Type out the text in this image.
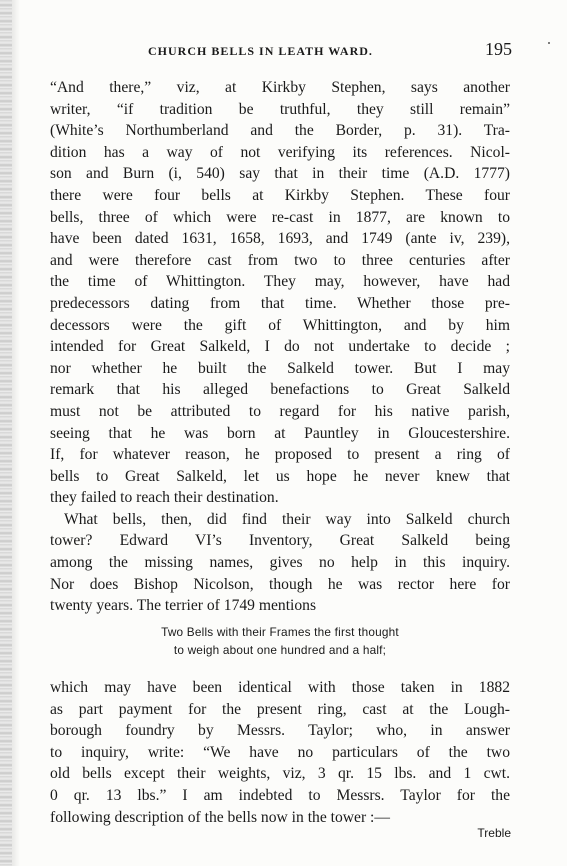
CHURCH BELLS IN LEATH WARD.	195
“And there,” viz, at Kirkby Stephen, says another
writer, “if tradition be truthful, they still remain”
(White’s Northumberland and the Border, p. 31). Tra-
dition has a way of not verifying its references. Nicol-
son and Burn (i, 540) say that in their time (A.D. 1777)
there were four bells at Kirkby Stephen. These four
bells, three of which were re-cast in 1877, are known to
have been dated 1631, 1658, 1693, and 1749 (ante iv, 239),
and were therefore cast from two to three centuries after
the time of Whittington. They may, however, have had
predecessors dating from that time. Whether those pre-
decessors were the gift of Whittington, and by him
intended for Great Salkeld, I do not undertake to decide ;
nor whether he built the Salkeld tower. But I may
remark that his alleged benefactions to Great Salkeld
must not be attributed to regard for his native parish,
seeing that he was born at Pauntley in Gloucestershire.
If, for whatever reason, he proposed to present a ring of
bells to Great Salkeld, let us hope he never knew that
they failed to reach their destination.
What bells, then, did find their way into Salkeld church
tower? Edward VI’s Inventory, Great Salkeld being
among the missing names, gives no help in this inquiry.
Nor does Bishop Nicolson, though he was rector here for
twenty years. The terrier of 1749 mentions
Two Bells with their Frames the first thought
to weigh about one hundred and a half;
which may have been identical with those taken in 1882
as part payment for the present ring, cast at the Lough-
borough foundry by Messrs. Taylor; who, in answer
to inquiry, write: “We have no particulars of the two
old bells except their weights, viz, 3 qr. 15 lbs. and 1 cwt.
0 qr. 13 lbs.” I am indebted to Messrs. Taylor for the
following description of the bells now in the tower :—
Treble
